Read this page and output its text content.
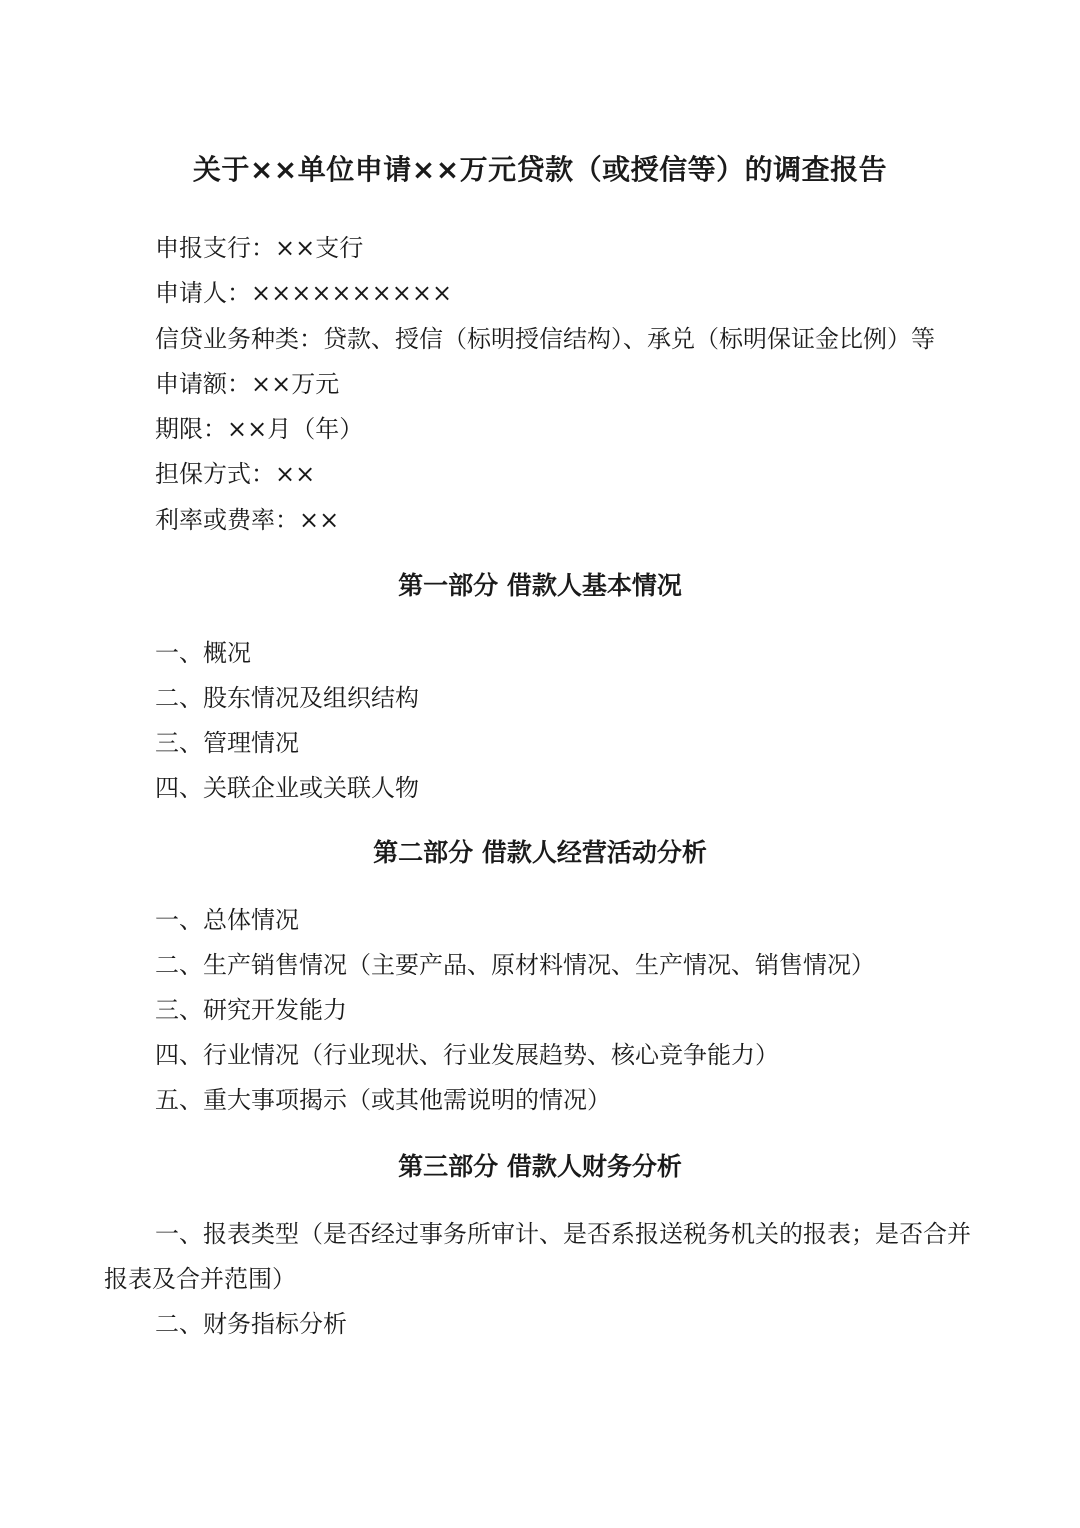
关于××单位申请××万元贷款（或授信等）的调查报告
申报支行：××支行
申请人：××××××××××
信贷业务种类：贷款、授信（标明授信结构）、承兑（标明保证金比例）等
申请额：××万元
期限：××月（年）
担保方式：××
利率或费率：××
第一部分 借款人基本情况
一、概况
二、股东情况及组织结构
三、管理情况
四、关联企业或关联人物
第二部分 借款人经营活动分析
一、总体情况
二、生产销售情况（主要产品、原材料情况、生产情况、销售情况）
三、研究开发能力
四、行业情况（行业现状、行业发展趋势、核心竞争能力）
五、重大事项揭示（或其他需说明的情况）
第三部分 借款人财务分析
一、报表类型（是否经过事务所审计、是否系报送税务机关的报表；是否合并报表及合并范围）
二、财务指标分析
